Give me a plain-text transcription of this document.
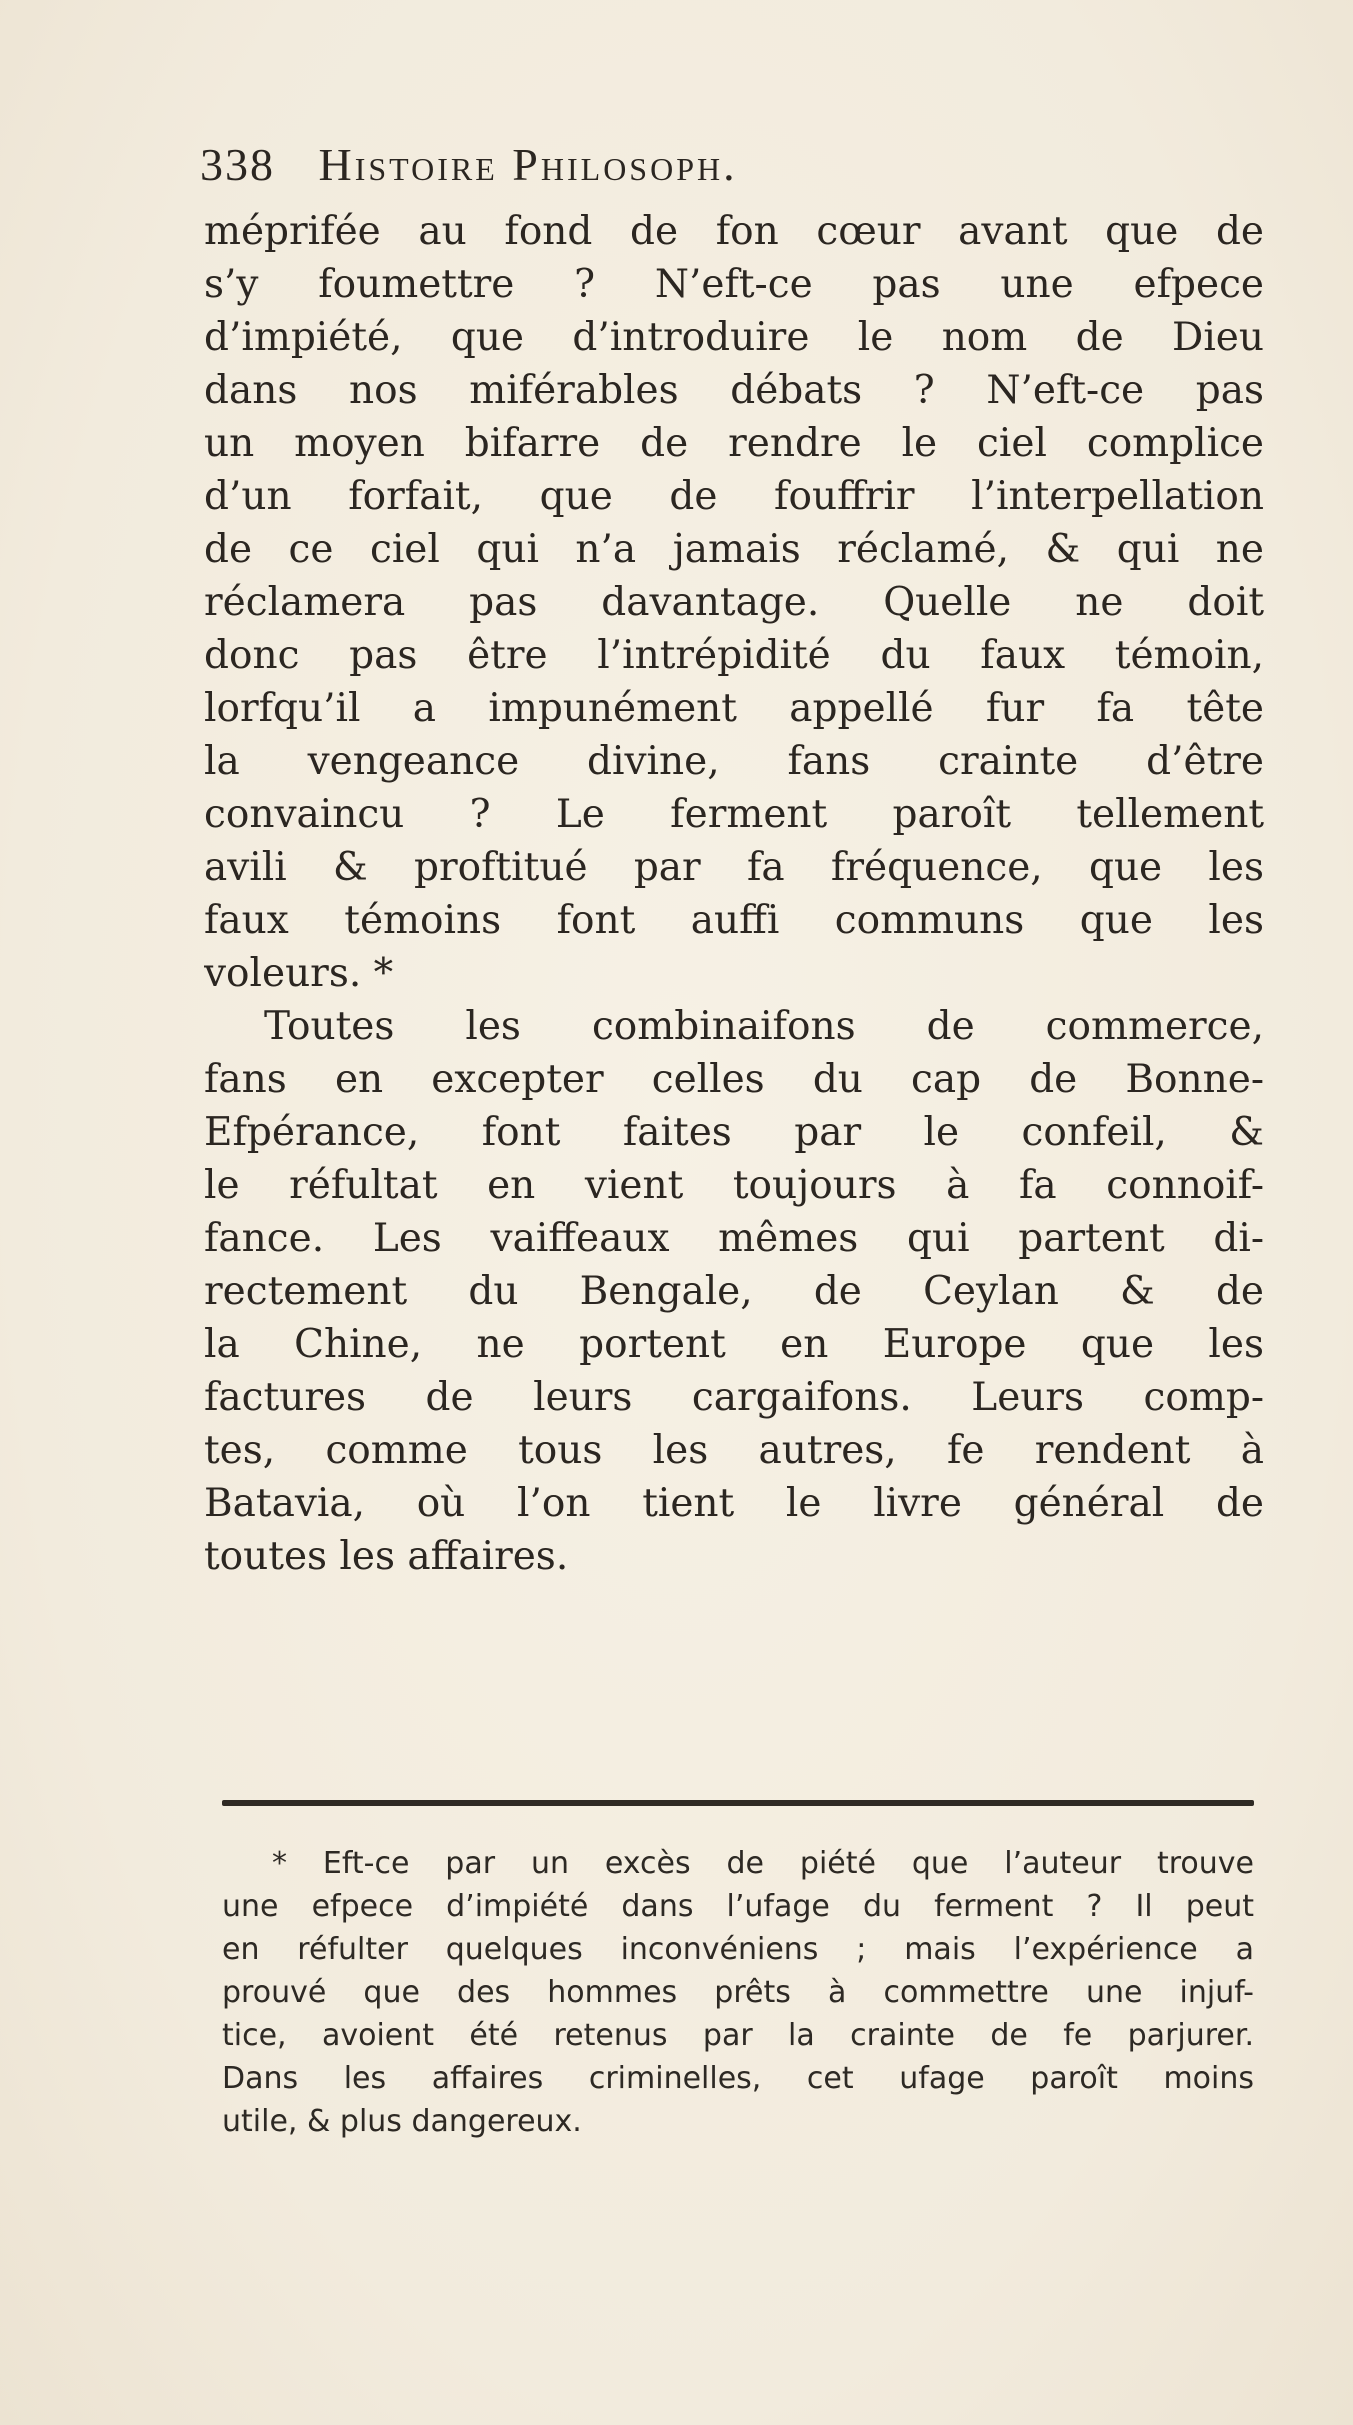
338 Histoire Philosoph.
méprifée au fond de fon cœur avant que de
s’y foumettre ? N’eft-ce pas une efpece
d’impiété, que d’introduire le nom de Dieu
dans nos miférables débats ? N’eft-ce pas
un moyen bifarre de rendre le ciel complice
d’un forfait, que de fouffrir l’interpellation
de ce ciel qui n’a jamais réclamé, & qui ne
réclamera pas davantage. Quelle ne doit
donc pas être l’intrépidité du faux témoin,
lorfqu’il a impunément appellé fur fa tête
la vengeance divine, fans crainte d’être
convaincu ? Le ferment paroît tellement
avili & proftitué par fa fréquence, que les
faux témoins font auffi communs que les
voleurs. *
Toutes les combinaifons de commerce,
fans en excepter celles du cap de Bonne-
Efpérance, font faites par le confeil, &
le réfultat en vient toujours à fa connoif-
fance. Les vaiffeaux mêmes qui partent di-
rectement du Bengale, de Ceylan & de
la Chine, ne portent en Europe que les
factures de leurs cargaifons. Leurs comp-
tes, comme tous les autres, fe rendent à
Batavia, où l’on tient le livre général de
toutes les affaires.
* Eft-ce par un excès de piété que l’auteur trouve
une efpece d’impiété dans l’ufage du ferment ? Il peut
en réfulter quelques inconvéniens ; mais l’expérience a
prouvé que des hommes prêts à commettre une injuf-
tice, avoient été retenus par la crainte de fe parjurer.
Dans les affaires criminelles, cet ufage paroît moins
utile, & plus dangereux.
